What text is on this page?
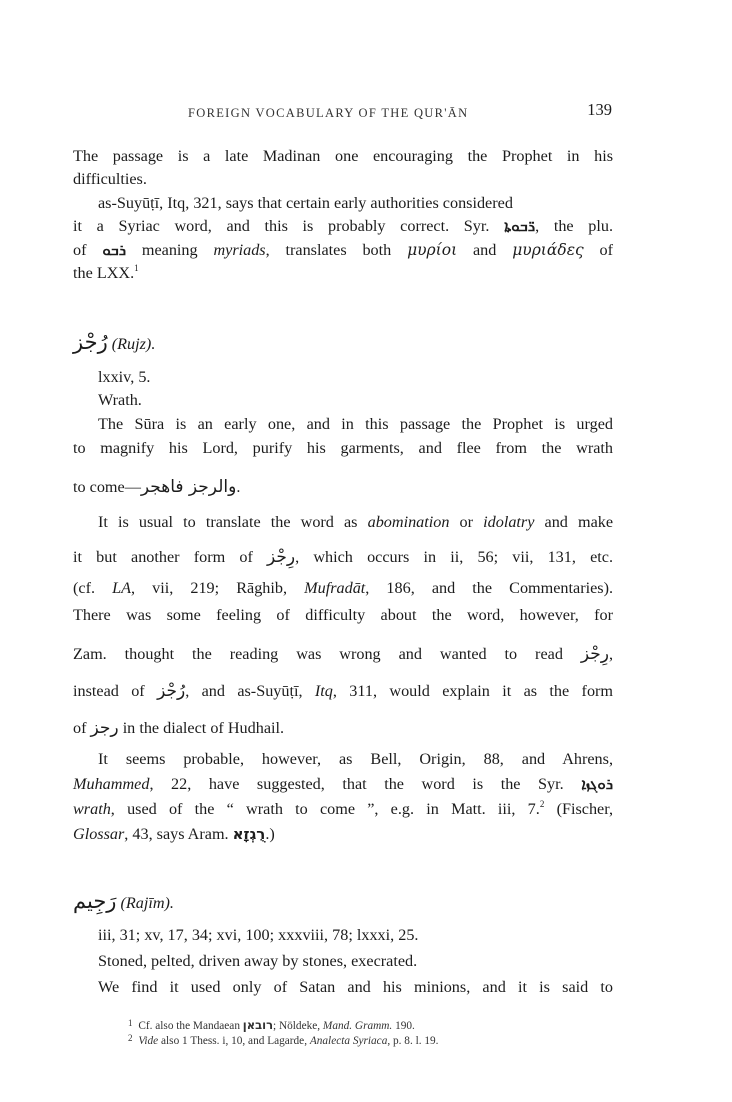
FOREIGN VOCABULARY OF THE QUR'ĀN	139
The passage is a late Madinan one encouraging the Prophet in his
difficulties.
as-Suyūṭī, Itq, 321, says that certain early authorities considered
it a Syriac word, and this is probably correct. Syr. ܪ̈ܒܘܬܐ, the plu.
of ܪܒܘ meaning myriads, translates both μυρίοι and μυριάδες of
the LXX.$^1$
رُجْز (Rujz).
lxxiv, 5.
Wrath.
The Sūra is an early one, and in this passage the Prophet is urged
to magnify his Lord, purify his garments, and flee from the wrath
to come—والرجز فاهجر.
It is usual to translate the word as abomination or idolatry and make
it but another form of رِجْز, which occurs in ii, 56; vii, 131, etc.
(cf. LA, vii, 219; Rāghib, Mufradāt, 186, and the Commentaries).
There was some feeling of difficulty about the word, however, for
Zam. thought the reading was wrong and wanted to read رِجْز,
instead of رُجْز, and as-Suyūṭī, Itq, 311, would explain it as the form
of رجز in the dialect of Hudhail.
It seems probable, however, as Bell, Origin, 88, and Ahrens,
Muhammed, 22, have suggested, that the word is the Syr. ܪܘܓܙܐ
wrath, used of the “ wrath to come ”, e.g. in Matt. iii, 7.$^2$ (Fischer,
Glossar, 43, says Aram. רֻגְזָא.)
رَجِيم (Rajīm).
iii, 31; xv, 17, 34; xvi, 100; xxxviii, 78; lxxxi, 25.
Stoned, pelted, driven away by stones, execrated.
We find it used only of Satan and his minions, and it is said to
$^1$ Cf. also the Mandaean רובאן; Nöldeke, Mand. Gramm. 190.
$^2$ Vide also 1 Thess. i, 10, and Lagarde, Analecta Syriaca, p. 8. l. 19.
